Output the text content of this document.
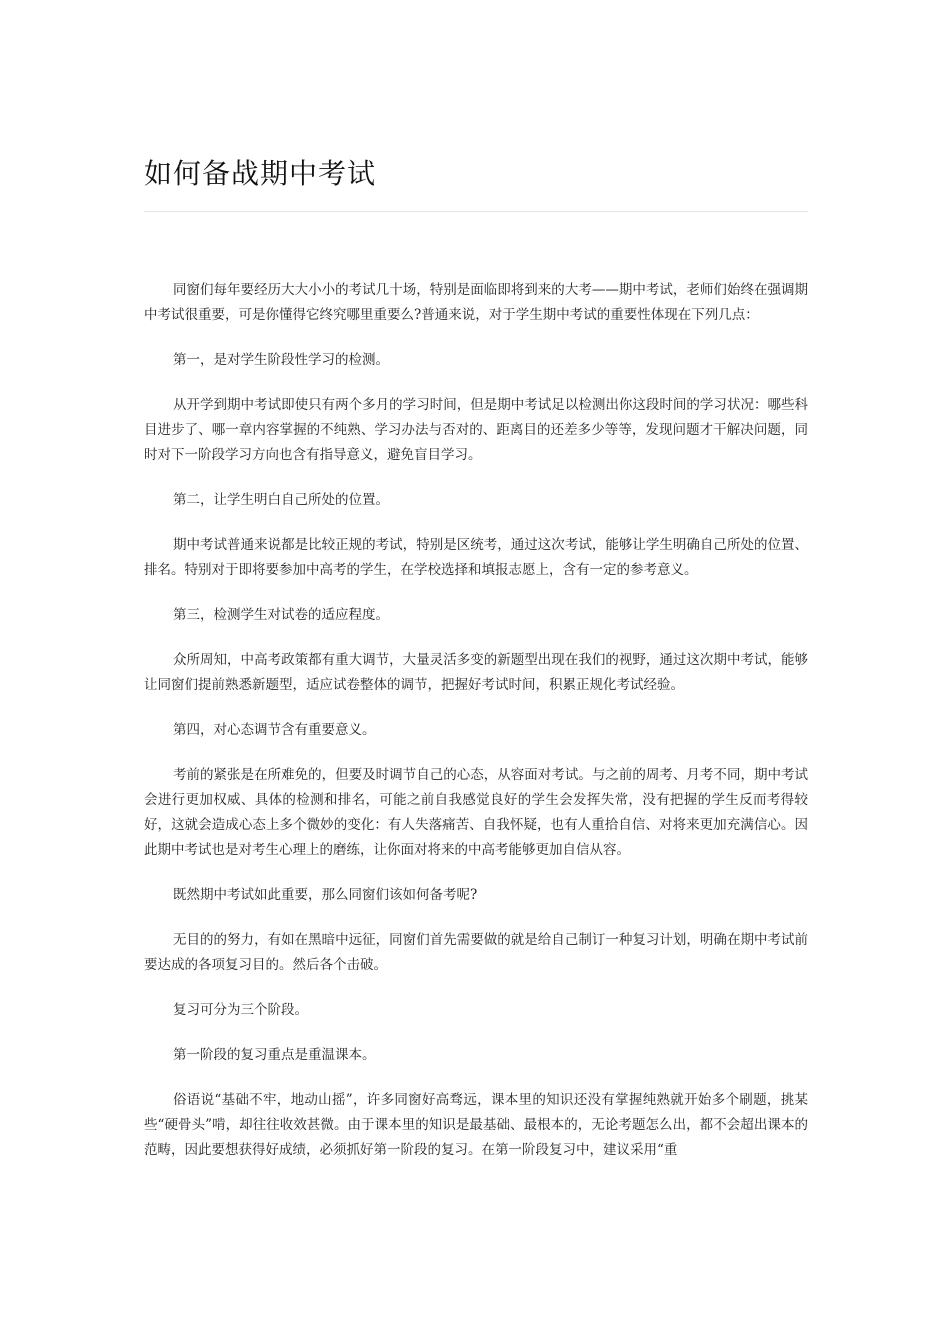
如何备战期中考试

同窗们每年要经历大大小小的考试几十场，特别是面临即将到来的大考——期中考试，老师们始终在强调期中考试很重要，可是你懂得它终究哪里重要么?普通来说，对于学生期中考试的重要性体现在下列几点：

第一，是对学生阶段性学习的检测。

从开学到期中考试即使只有两个多月的学习时间，但是期中考试足以检测出你这段时间的学习状况：哪些科目进步了、哪一章内容掌握的不纯熟、学习办法与否对的、距离目的还差多少等等，发现问题才干解决问题，同时对下一阶段学习方向也含有指导意义，避免盲目学习。

第二，让学生明白自己所处的位置。

期中考试普通来说都是比较正规的考试，特别是区统考，通过这次考试，能够让学生明确自己所处的位置、排名。特别对于即将要参加中高考的学生，在学校选择和填报志愿上，含有一定的参考意义。

第三，检测学生对试卷的适应程度。

众所周知，中高考政策都有重大调节，大量灵活多变的新题型出现在我们的视野，通过这次期中考试，能够让同窗们提前熟悉新题型，适应试卷整体的调节，把握好考试时间，积累正规化考试经验。

第四，对心态调节含有重要意义。

考前的紧张是在所难免的，但要及时调节自己的心态，从容面对考试。与之前的周考、月考不同，期中考试会进行更加权威、具体的检测和排名，可能之前自我感觉良好的学生会发挥失常，没有把握的学生反而考得较好，这就会造成心态上多个微妙的变化：有人失落痛苦、自我怀疑，也有人重拾自信、对将来更加充满信心。因此期中考试也是对考生心理上的磨练，让你面对将来的中高考能够更加自信从容。

既然期中考试如此重要，那么同窗们该如何备考呢?

无目的的努力，有如在黑暗中远征，同窗们首先需要做的就是给自己制订一种复习计划，明确在期中考试前要达成的各项复习目的。然后各个击破。

复习可分为三个阶段。

第一阶段的复习重点是重温课本。

俗语说“基础不牢，地动山摇”，许多同窗好高骛远，课本里的知识还没有掌握纯熟就开始多个刷题，挑某些“硬骨头”啃，却往往收效甚微。由于课本里的知识是最基础、最根本的，无论考题怎么出，都不会超出课本的范畴，因此要想获得好成绩，必须抓好第一阶段的复习。在第一阶段复习中，建议采用“重
